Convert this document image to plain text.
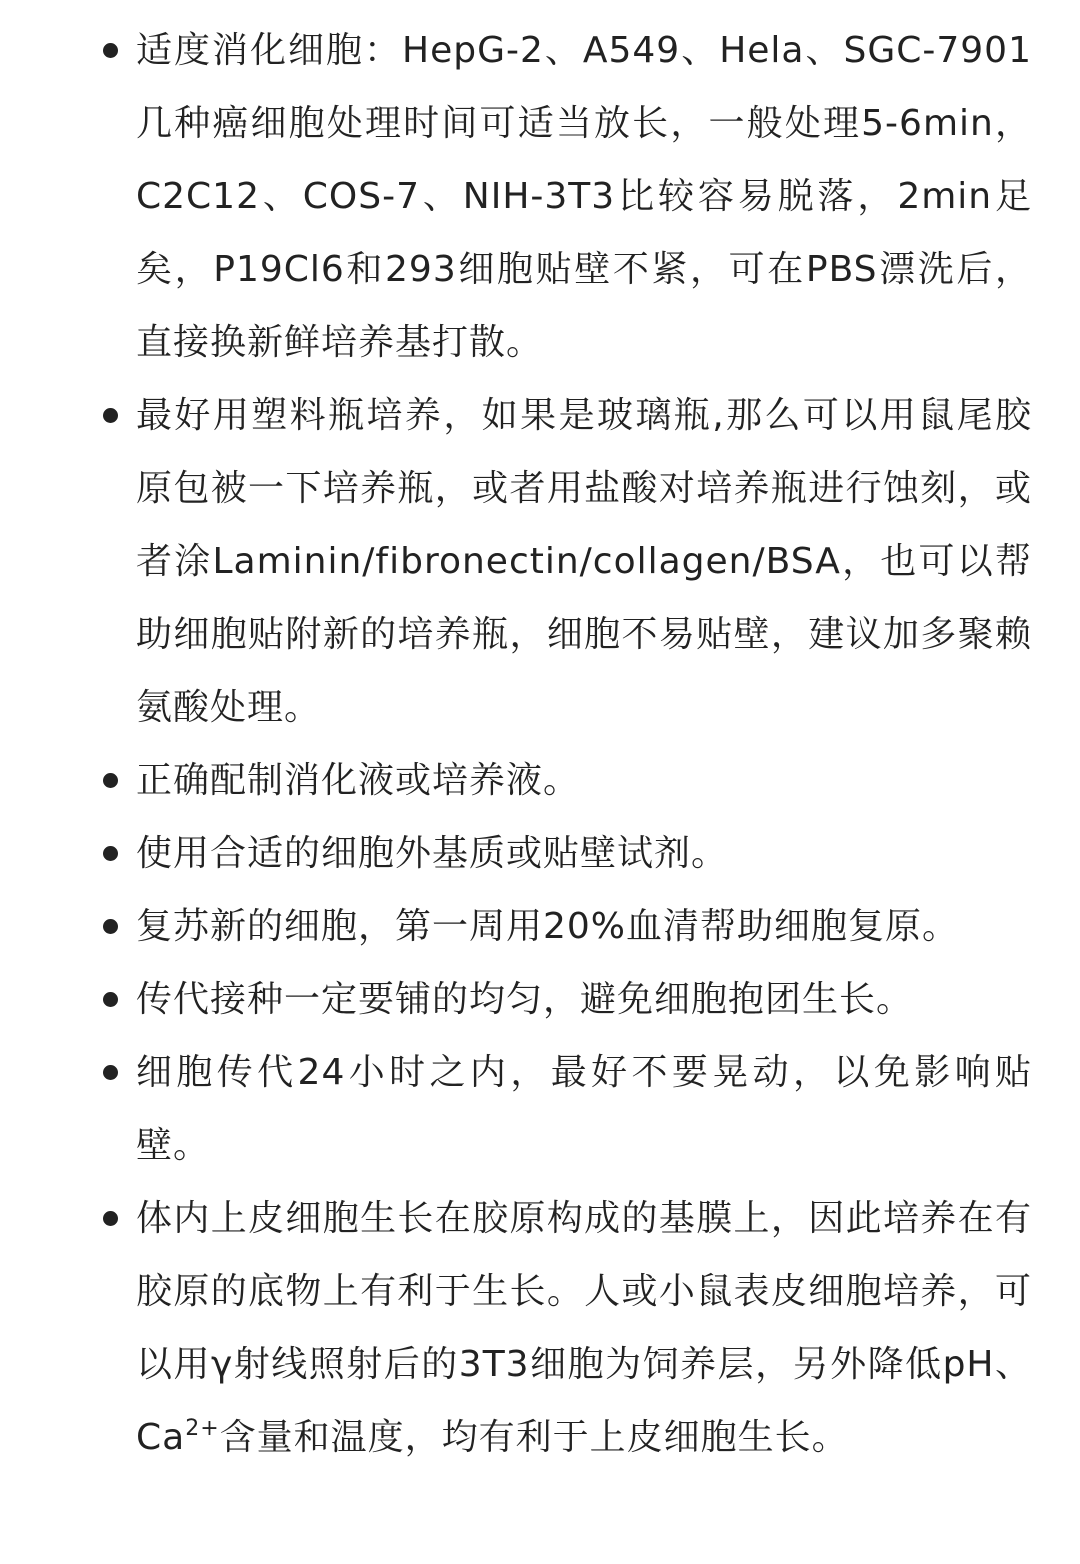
适度消化细胞：HepG-2、A549、Hela、SGC-7901几种癌细胞处理时间可适当放长，一般处理5-6min，C2C12、COS-7、NIH-3T3比较容易脱落，2min足矣，P19Cl6和293细胞贴壁不紧，可在PBS漂洗后，直接换新鲜培养基打散。
最好用塑料瓶培养，如果是玻璃瓶,那么可以用鼠尾胶原包被一下培养瓶，或者用盐酸对培养瓶进行蚀刻，或者涂Laminin/fibronectin/collagen/BSA，也可以帮助细胞贴附新的培养瓶，细胞不易贴壁，建议加多聚赖氨酸处理。
正确配制消化液或培养液。
使用合适的细胞外基质或贴壁试剂。
复苏新的细胞，第一周用20%血清帮助细胞复原。
传代接种一定要铺的均匀，避免细胞抱团生长。
细胞传代24小时之内，最好不要晃动，以免影响贴壁。
体内上皮细胞生长在胶原构成的基膜上，因此培养在有胶原的底物上有利于生长。人或小鼠表皮细胞培养，可以用γ射线照射后的3T3细胞为饲养层，另外降低pH、$Ca^{2+}$含量和温度，均有利于上皮细胞生长。
